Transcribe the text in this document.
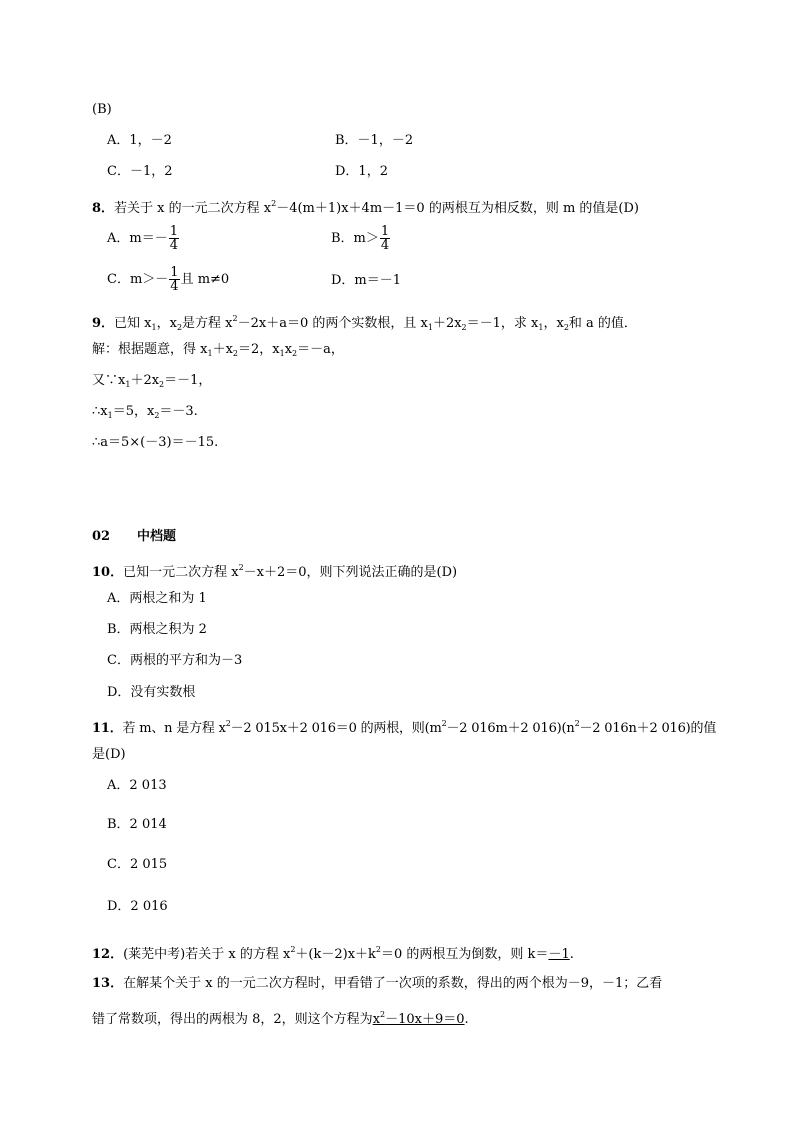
(B)
A．1，－2	B．－1，－2
C．－1，2	D．1，2
8．若关于 x 的一元二次方程 $x^2-4(m+1)x+4m-1=0$ 的两根互为相反数，则 m 的值是(D)
A．$m=- \frac{1}{4}$	B．$m> \frac{1}{4}$
C．$m>- \frac{1}{4}$ 且 m≠0	D．m＝－1
9．已知 $x_1$，$x_2$是方程 $x^2-2x+a=0$ 的两个实数根，且 $x_1+2x_2=-1$，求 $x_1$，$x_2$和 a 的值．
解：根据题意，得 $x_1+x_2=2$，$x_1x_2=-a$，
又$\because x_1+2x_2=-1$，
$\therefore x_1=5$，$x_2=-3$.
∴a＝5×(－3)＝－15.
02 中档题
10．已知一元二次方程 $x^2-x+2=0$，则下列说法正确的是(D)
A．两根之和为 1
B．两根之积为 2
C．两根的平方和为－3
D．没有实数根
11．若 m、n 是方程 $x^2-2$ 015x＋2 016＝0 的两根，则($m^2-2$ 016m＋2 $016)(n^2-2$ 016n＋2 016)的值
是(D)
A．2 013
B．2 014
C．2 015
D．2 016
12．(莱芜中考)若关于 x 的方程 $x^2+(k-2)x+k^2=0$ 的两根互为倒数，则 k＝－1.
13．在解某个关于 x 的一元二次方程时，甲看错了一次项的系数，得出的两个根为－9，－1；乙看
错了常数项，得出的两根为 8，2，则这个方程为$x^2-10x+9=0$.
